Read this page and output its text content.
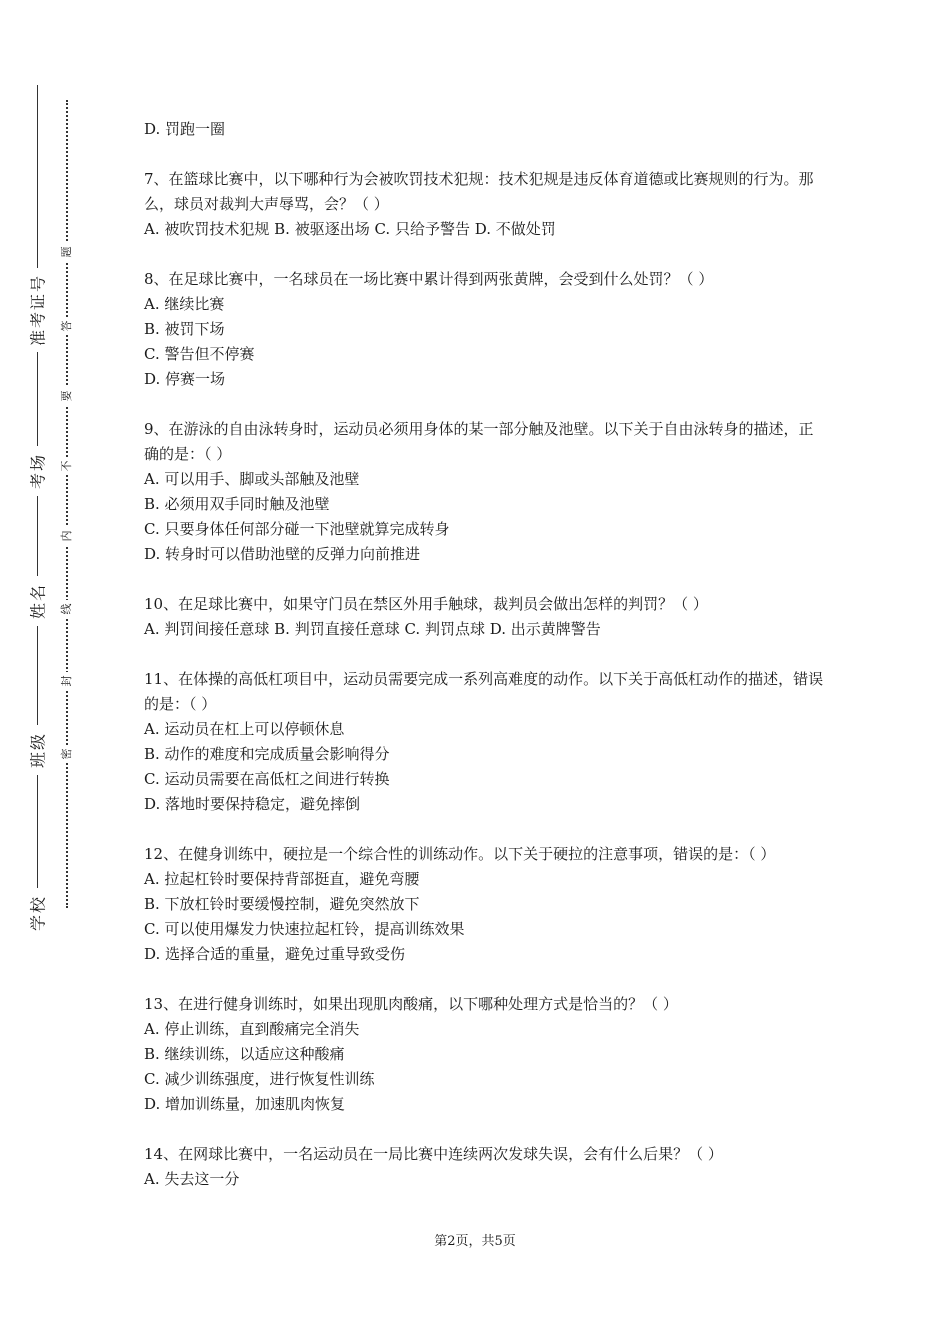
准考证号
考场
姓名
班级
学校
题
答
要
不
内
线
封
密
D. 罚跑一圈
7、在篮球比赛中，以下哪种行为会被吹罚技术犯规：技术犯规是违反体育道德或比赛规则的行为。那么，球员对裁判大声辱骂，会？（ ）
A. 被吹罚技术犯规 B. 被驱逐出场 C. 只给予警告 D. 不做处罚
8、在足球比赛中，一名球员在一场比赛中累计得到两张黄牌，会受到什么处罚？（ ）
A. 继续比赛
B. 被罚下场
C. 警告但不停赛
D. 停赛一场
9、在游泳的自由泳转身时，运动员必须用身体的某一部分触及池壁。以下关于自由泳转身的描述，正确的是：（ ）
A. 可以用手、脚或头部触及池壁
B. 必须用双手同时触及池壁
C. 只要身体任何部分碰一下池壁就算完成转身
D. 转身时可以借助池壁的反弹力向前推进
10、在足球比赛中，如果守门员在禁区外用手触球，裁判员会做出怎样的判罚？（ ）
A. 判罚间接任意球 B. 判罚直接任意球 C. 判罚点球 D. 出示黄牌警告
11、在体操的高低杠项目中，运动员需要完成一系列高难度的动作。以下关于高低杠动作的描述，错误的是：（ ）
A. 运动员在杠上可以停顿休息
B. 动作的难度和完成质量会影响得分
C. 运动员需要在高低杠之间进行转换
D. 落地时要保持稳定，避免摔倒
12、在健身训练中，硬拉是一个综合性的训练动作。以下关于硬拉的注意事项，错误的是：（ ）
A. 拉起杠铃时要保持背部挺直，避免弯腰
B. 下放杠铃时要缓慢控制，避免突然放下
C. 可以使用爆发力快速拉起杠铃，提高训练效果
D. 选择合适的重量，避免过重导致受伤
13、在进行健身训练时，如果出现肌肉酸痛，以下哪种处理方式是恰当的？（ ）
A. 停止训练，直到酸痛完全消失
B. 继续训练，以适应这种酸痛
C. 减少训练强度，进行恢复性训练
D. 增加训练量，加速肌肉恢复
14、在网球比赛中，一名运动员在一局比赛中连续两次发球失误，会有什么后果？（ ）
A. 失去这一分
第2页，共5页
